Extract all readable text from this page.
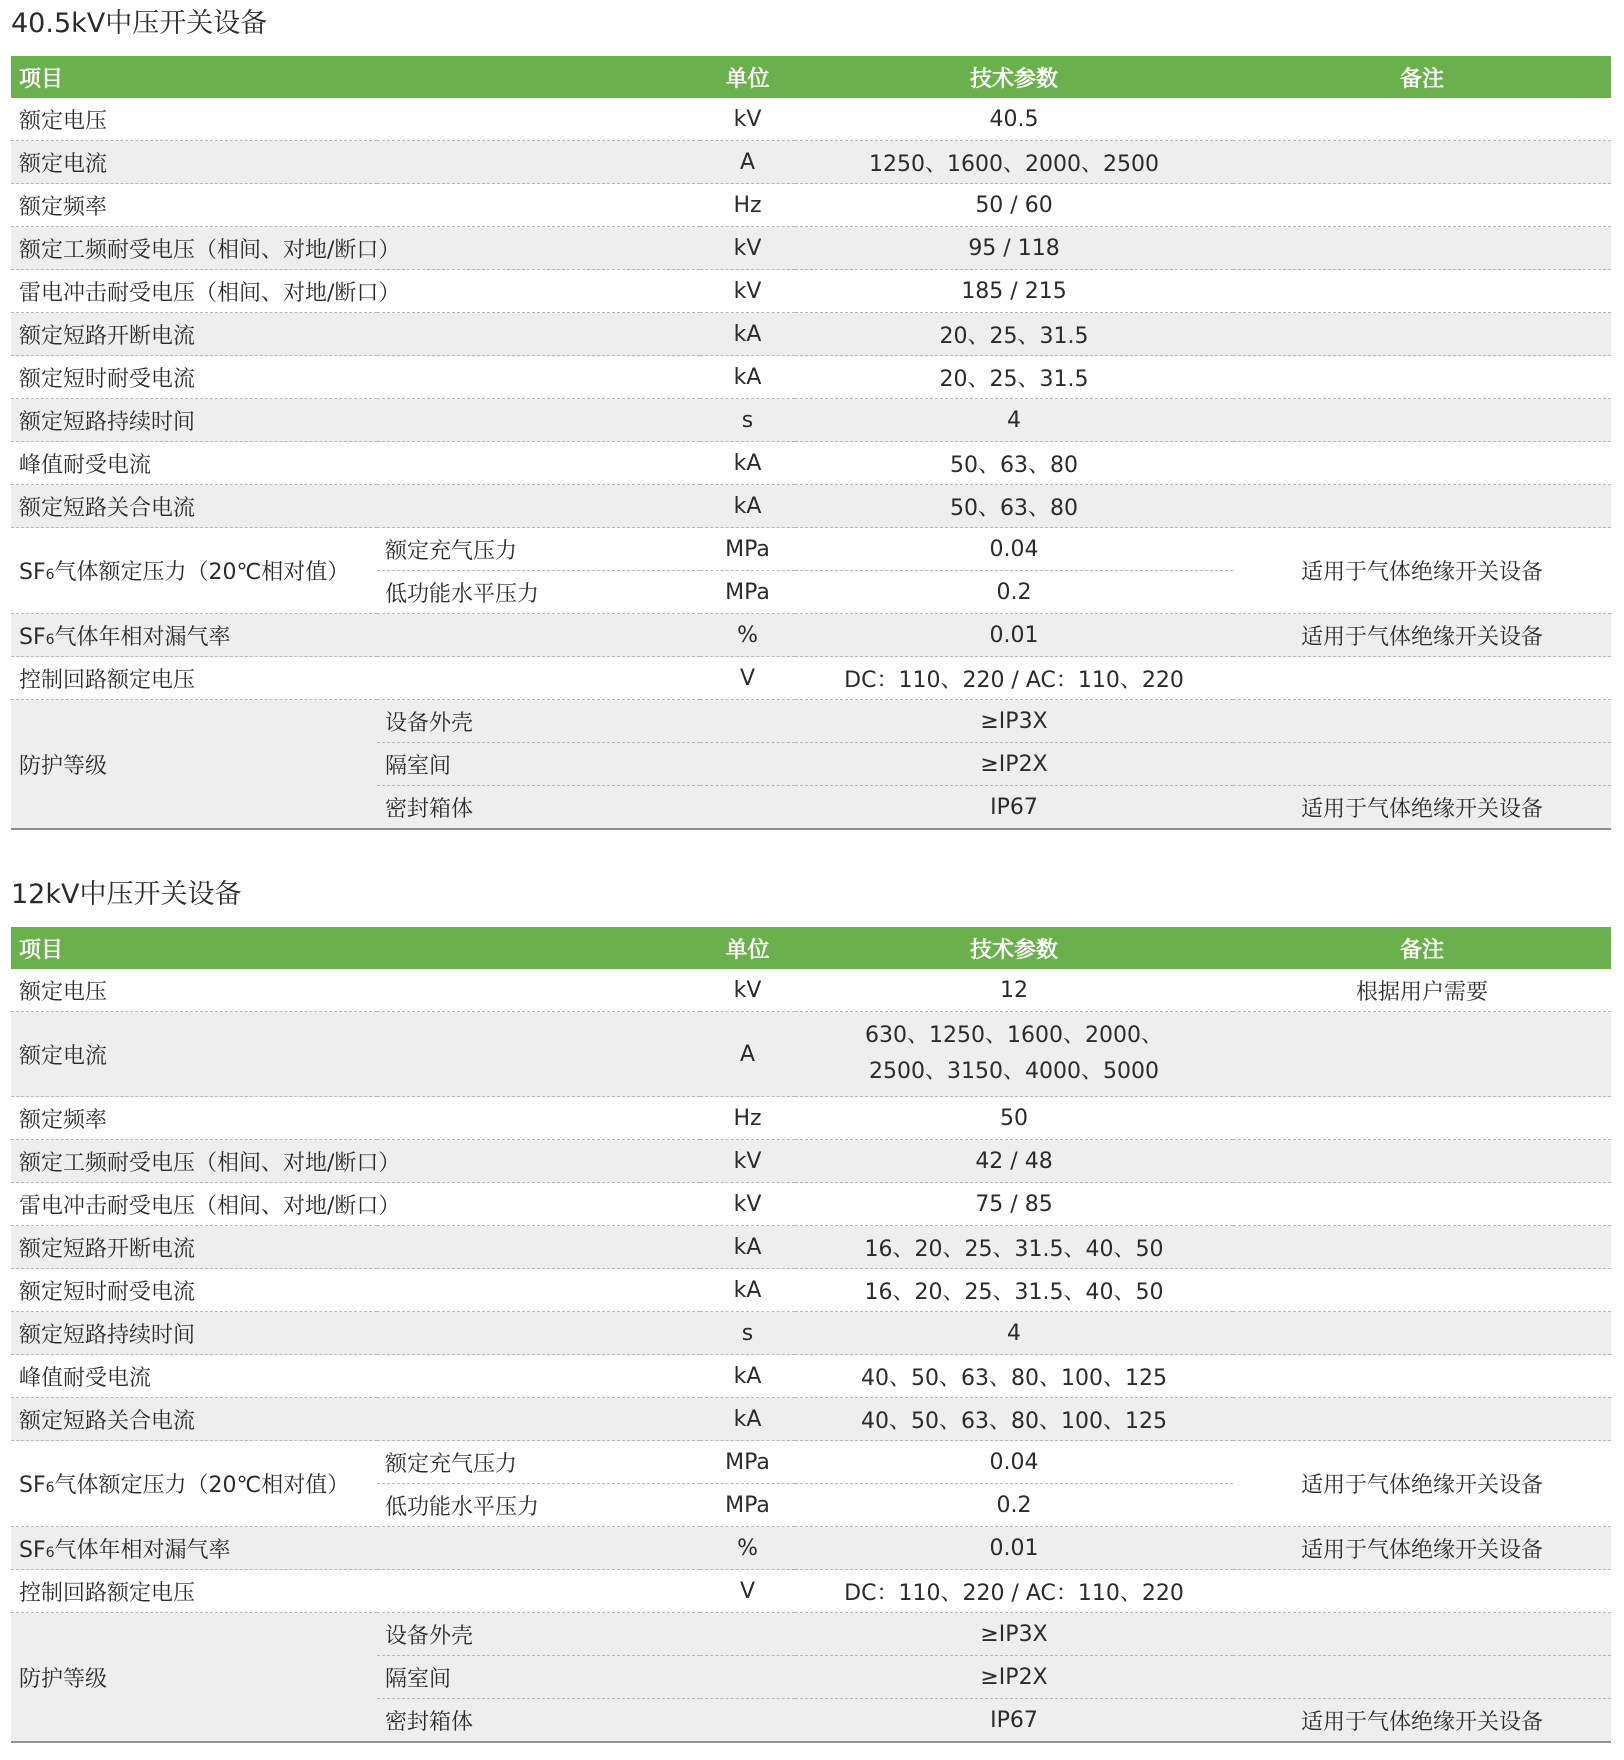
40.5kV中压开关设备
项目		单位	技术参数	备注
额定电压		kV	40.5	
额定电流		A	1250、1600、2000、2500	
额定频率		Hz	50 / 60	
额定工频耐受电压（相间、对地/断口）		kV	95 / 118	
雷电冲击耐受电压（相间、对地/断口）		kV	185 / 215	
额定短路开断电流		kA	20、25、31.5	
额定短时耐受电流		kA	20、25、31.5	
额定短路持续时间		s	4	
峰值耐受电流		kA	50、63、80	
额定短路关合电流		kA	50、63、80	
SF6气体额定压力（20℃相对值）	额定充气压力	MPa	0.04	适用于气体绝缘开关设备
	低功能水平压力	MPa	0.2	
SF6气体年相对漏气率		%	0.01	适用于气体绝缘开关设备
控制回路额定电压		V	DC：110、220 / AC：110、220	
防护等级	设备外壳		≥IP3X	
	隔室间		≥IP2X	
	密封箱体		IP67	适用于气体绝缘开关设备
12kV中压开关设备
项目		单位	技术参数	备注
额定电压		kV	12	根据用户需要
额定电流		A	630、1250、1600、2000、
2500、3150、4000、5000	

额定频率		Hz	50	
额定工频耐受电压（相间、对地/断口）		kV	42 / 48	
雷电冲击耐受电压（相间、对地/断口）		kV	75 / 85	
额定短路开断电流		kA	16、20、25、31.5、40、50	
额定短时耐受电流		kA	16、20、25、31.5、40、50	
额定短路持续时间		s	4	
峰值耐受电流		kA	40、50、63、80、100、125	
额定短路关合电流		kA	40、50、63、80、100、125	
SF6气体额定压力（20℃相对值）	额定充气压力	MPa	0.04	适用于气体绝缘开关设备
	低功能水平压力	MPa	0.2	
SF6气体年相对漏气率		%	0.01	适用于气体绝缘开关设备
控制回路额定电压		V	DC：110、220 / AC：110、220	
防护等级	设备外壳		≥IP3X	
	隔室间		≥IP2X	
	密封箱体		IP67	适用于气体绝缘开关设备
